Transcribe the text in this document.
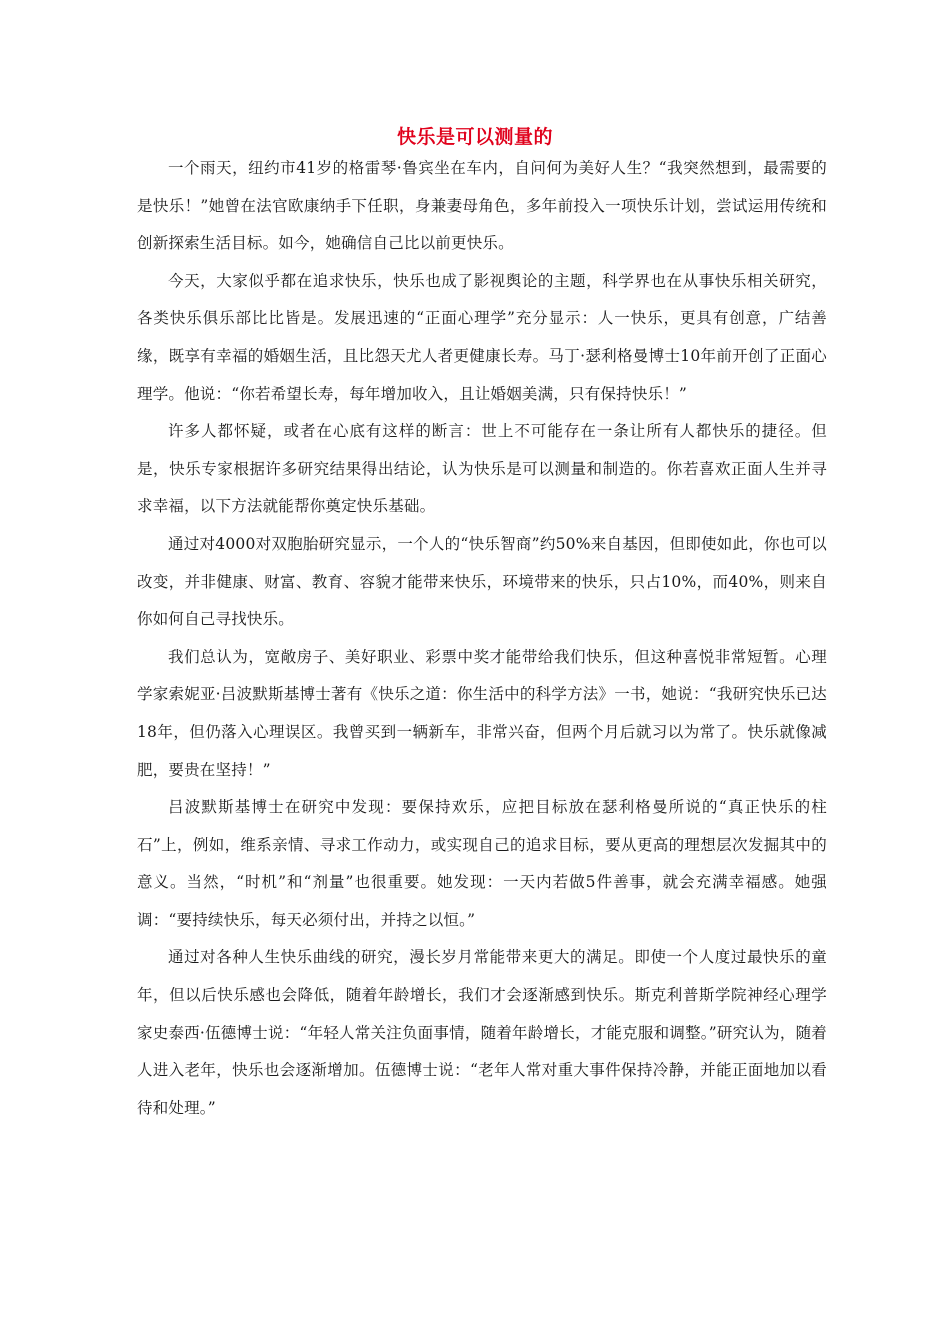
快乐是可以测量的

一个雨天，纽约市41岁的格雷琴·鲁宾坐在车内，自问何为美好人生？“我突然想到，最需要的是快乐！”她曾在法官欧康纳手下任职，身兼妻母角色，多年前投入一项快乐计划，尝试运用传统和创新探索生活目标。如今，她确信自己比以前更快乐。

今天，大家似乎都在追求快乐，快乐也成了影视舆论的主题，科学界也在从事快乐相关研究，各类快乐俱乐部比比皆是。发展迅速的“正面心理学”充分显示：人一快乐，更具有创意，广结善缘，既享有幸福的婚姻生活，且比怨天尤人者更健康长寿。马丁·瑟利格曼博士10年前开创了正面心理学。他说：“你若希望长寿，每年增加收入，且让婚姻美满，只有保持快乐！”

许多人都怀疑，或者在心底有这样的断言：世上不可能存在一条让所有人都快乐的捷径。但是，快乐专家根据许多研究结果得出结论，认为快乐是可以测量和制造的。你若喜欢正面人生并寻求幸福，以下方法就能帮你奠定快乐基础。

通过对4000对双胞胎研究显示，一个人的“快乐智商”约50%来自基因，但即使如此，你也可以改变，并非健康、财富、教育、容貌才能带来快乐，环境带来的快乐，只占10%，而40%，则来自你如何自己寻找快乐。

我们总认为，宽敞房子、美好职业、彩票中奖才能带给我们快乐，但这种喜悦非常短暂。心理学家索妮亚·吕波默斯基博士著有《快乐之道：你生活中的科学方法》一书，她说：“我研究快乐已达18年，但仍落入心理误区。我曾买到一辆新车，非常兴奋，但两个月后就习以为常了。快乐就像减肥，要贵在坚持！”

吕波默斯基博士在研究中发现：要保持欢乐，应把目标放在瑟利格曼所说的“真正快乐的柱石”上，例如，维系亲情、寻求工作动力，或实现自己的追求目标，要从更高的理想层次发掘其中的意义。当然，“时机”和“剂量”也很重要。她发现：一天内若做5件善事，就会充满幸福感。她强调：“要持续快乐，每天必须付出，并持之以恒。”

通过对各种人生快乐曲线的研究，漫长岁月常能带来更大的满足。即使一个人度过最快乐的童年，但以后快乐感也会降低，随着年龄增长，我们才会逐渐感到快乐。斯克利普斯学院神经心理学家史泰西·伍德博士说：“年轻人常关注负面事情，随着年龄增长，才能克服和调整。”研究认为，随着人进入老年，快乐也会逐渐增加。伍德博士说：“老年人常对重大事件保持冷静，并能正面地加以看待和处理。”
